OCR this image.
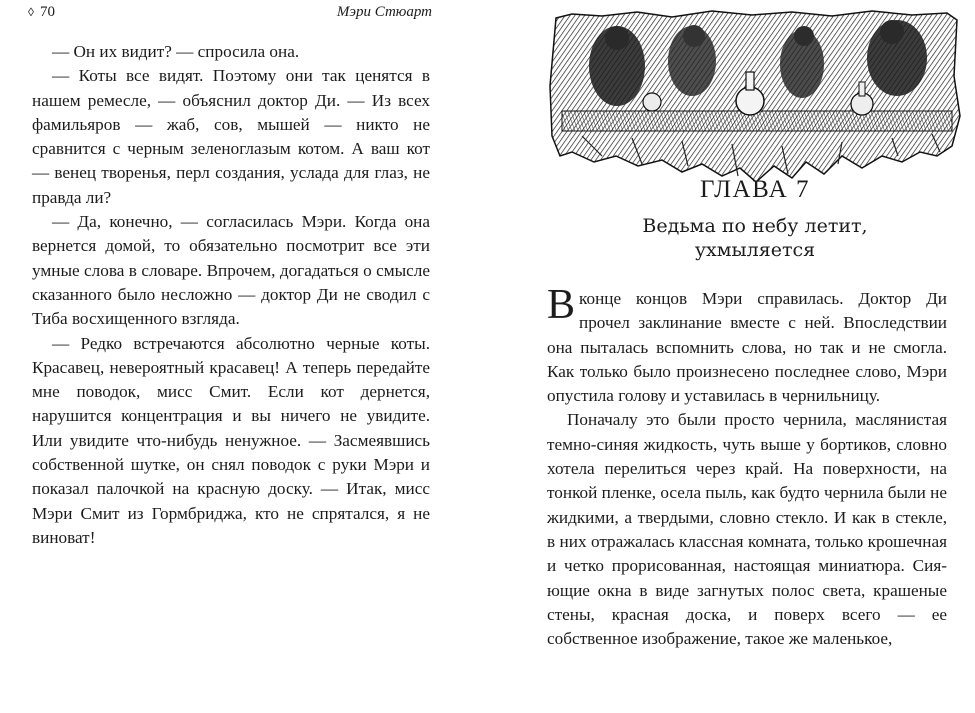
◊ 70	Мэри Стюарт

— Он их видит? — спросила она.

— Коты все видят. Поэтому они так ценятся в нашем ремесле, — объяснил доктор Ди. — Из всех фамильяров — жаб, сов, мышей — никто не сравнится с черным зеленоглазым котом. А ваш кот — венец творенья, перл создания, услада для глаз, не правда ли?

— Да, конечно, — согласилась Мэри. Когда она вернется домой, то обязательно посмотрит все эти умные слова в словаре. Впрочем, догадаться о смысле сказанного было несложно — доктор Ди не сводил с Тиба восхищенного взгляда.

— Редко встречаются абсолютно черные коты. Красавец, невероятный красавец! А теперь передайте мне поводок, мисс Смит. Если кот дернется, нарушится концентрация и вы ничего не увидите. Или увидите что-нибудь ненужное. — Засмеявшись собственной шутке, он снял поводок с руки Мэри и показал палочкой на красную доску. — Итак, мисс Мэри Смит из Гормбриджа, кто не спрятался, я не виноват!

ГЛАВА 7
Ведьма по небу летит,
ухмыляется

В конце концов Мэри справилась. Доктор Ди прочел заклинание вместе с ней. Впоследствии она пыталась вспомнить слова, но так и не смогла. Как только было произнесено последнее слово, Мэри опустила голову и уставилась в чернильницу.

Поначалу это были просто чернила, маслянистая темно-синяя жидкость, чуть выше у бортиков, словно хотела перелиться через край. На поверхности, на тонкой пленке, осела пыль, как будто чернила были не жидкими, а твердыми, словно стекло. И как в стекле, в них отражалась классная комната, только крошечная и четко прорисованная, настоящая миниатюра. Сияющие окна в виде загнутых полос света, крашеные стены, красная доска, и поверх всего — ее собственное изображение, такое же маленькое,
